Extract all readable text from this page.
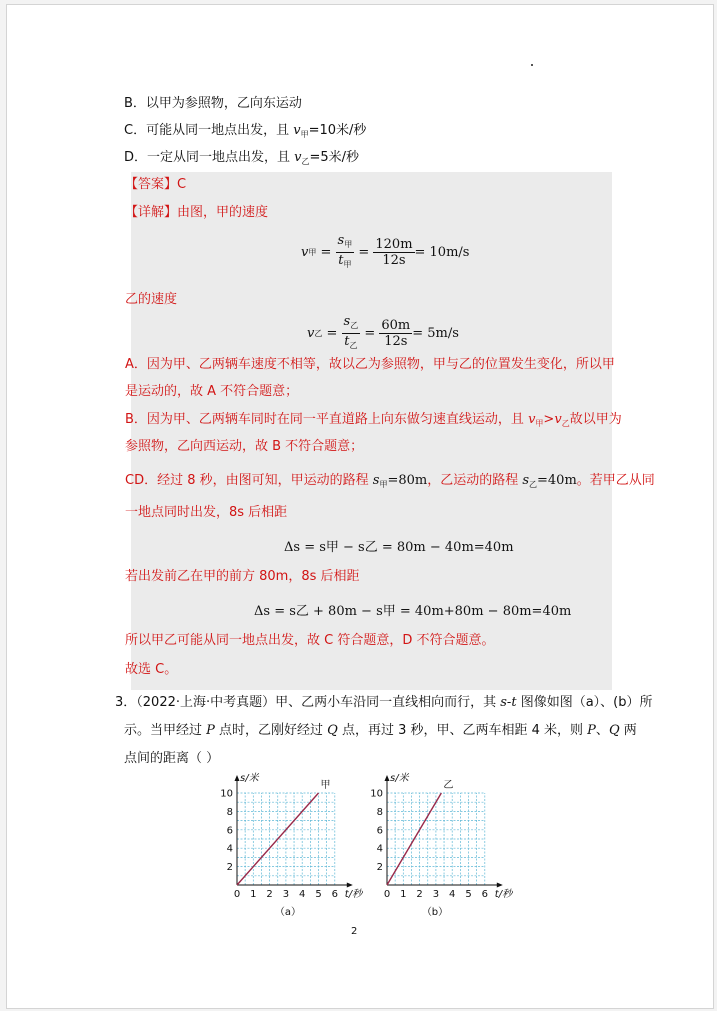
B．以甲为参照物，乙向东运动
C．可能从同一地点出发，且 $v_甲=10$米/秒
D．一定从同一地点出发，且 $v_乙=5$米/秒
【答案】C
【详解】由图，甲的速度
v 甲 = $\frac{s_甲}{t_甲} = \frac{120m}{12s} = 10m/s$
乙的速度
v 乙 = $\frac{s_乙}{t_乙} = \frac{60m}{12s} = 5m/s$
A．因为甲、乙两辆车速度不相等，故以乙为参照物，甲与乙的位置发生变化，所以甲
是运动的，故 A 不符合题意；
B．因为甲、乙两辆车同时在同一平直道路上向东做匀速直线运动，且 $v_甲>v_乙$故以甲为
参照物，乙向西运动，故 B 不符合题意；
CD．经过 8 秒，由图可知，甲运动的路程 $s_甲=80m$，乙运动的路程 $s_乙=40m$。若甲乙从同
一地点同时出发，8s 后相距
Δs = s甲 − s乙 = 80m − 40m=40m
若出发前乙在甲的前方 80m，8s 后相距
Δs = s乙 + 80m − s甲 = 40m+80m − 80m=40m
所以甲乙可能从同一地点出发，故 C 符合题意，D 不符合题意。
故选 C。
3．（2022·上海·中考真题）甲、乙两小车沿同一直线相向而行，其 s-t 图像如图（a）、(b）所
示。当甲经过 P 点时，乙刚好经过 Q 点，再过 3 秒，甲、乙两车相距 4 米，则 P、Q 两
点间的距离（ ）
0 1 2 3 4 5 6
2
4
6
8
10
s/米
t/秒
甲
（a）
0 1 2 3 4 5 6
2
4
6
8
10
s/米
t/秒
乙
（b）
2
